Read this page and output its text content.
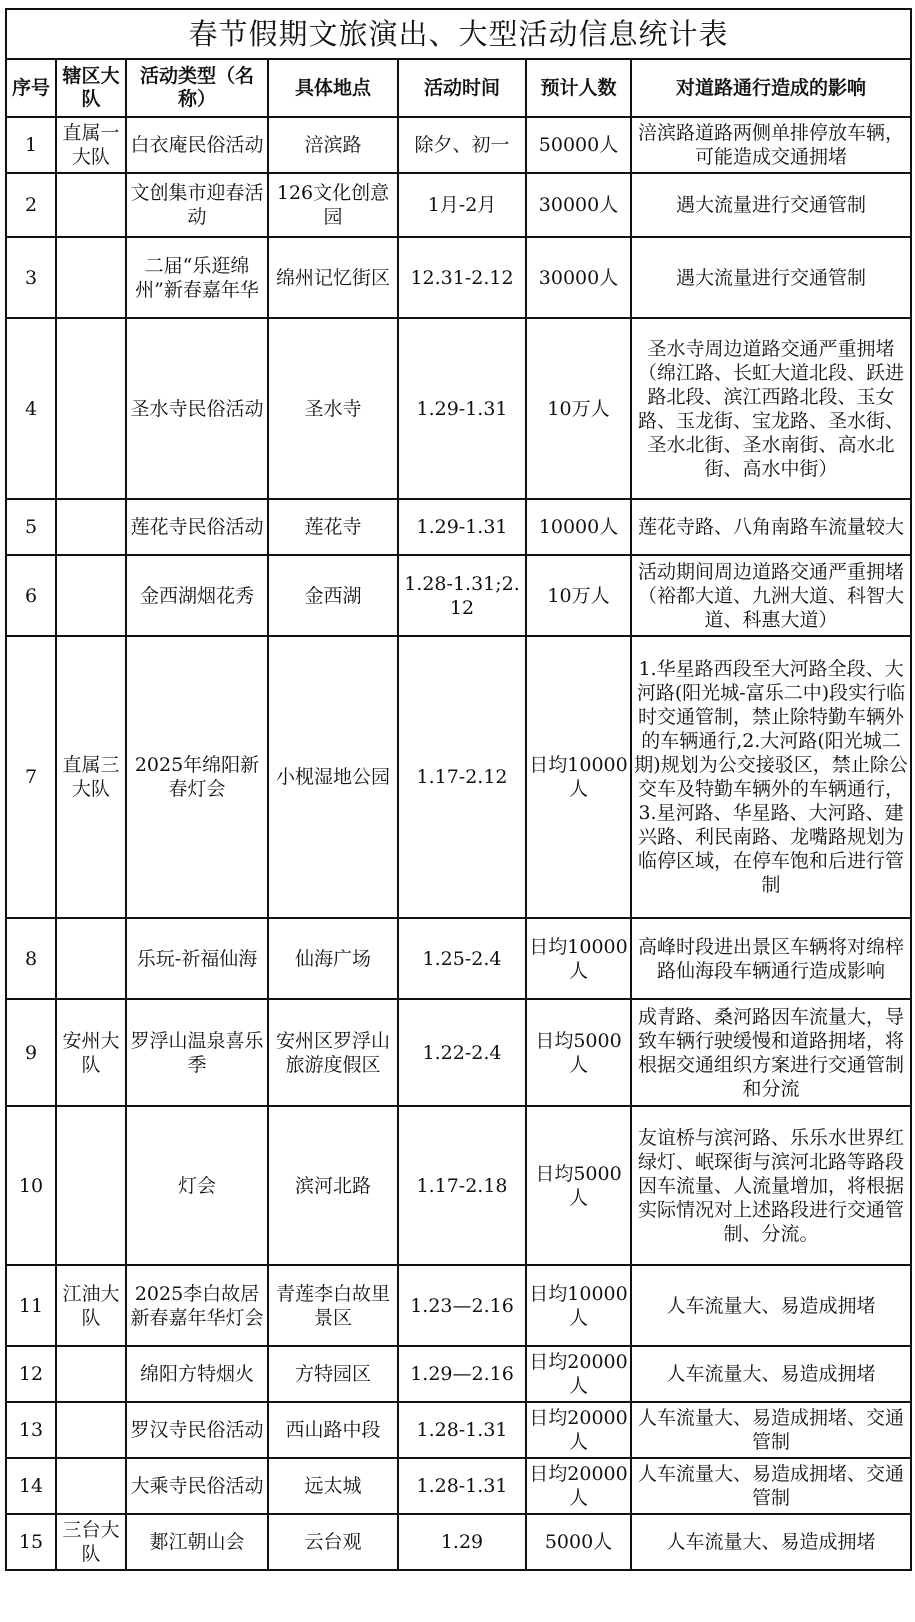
春节假期文旅演出、大型活动信息统计表						
序号	辖区大队	活动类型（名称）	具体地点	活动时间	预计人数	对道路通行造成的影响
1	直属一大队	白衣庵民俗活动	涪滨路	除夕、初一	50000人	涪滨路道路两侧单排停放车辆，可能造成交通拥堵
2		文创集市迎春活动	126文化创意园	1月-2月	30000人	遇大流量进行交通管制
3		二届“乐逛绵州”新春嘉年华	绵州记忆街区	12.31-2.12	30000人	遇大流量进行交通管制
4		圣水寺民俗活动	圣水寺	1.29-1.31	10万人	圣水寺周边道路交通严重拥堵（绵江路、长虹大道北段、跃进路北段、滨江西路北段、玉女路、玉龙街、宝龙路、圣水街、圣水北街、圣水南街、高水北街、高水中街）
5		莲花寺民俗活动	莲花寺	1.29-1.31	10000人	莲花寺路、八角南路车流量较大
6		金西湖烟花秀	金西湖	1.28-1.31;2.12	10万人	活动期间周边道路交通严重拥堵（裕都大道、九洲大道、科智大道、科惠大道）
7	直属三大队	2025年绵阳新春灯会	小枧湿地公园	1.17-2.12	日均10000人	1.华星路西段至大河路全段、大河路(阳光城-富乐二中)段实行临时交通管制，禁止除特勤车辆外的车辆通行,2.大河路(阳光城二期)规划为公交接驳区，禁止除公交车及特勤车辆外的车辆通行，3.星河路、华星路、大河路、建兴路、利民南路、龙嘴路规划为临停区域，在停车饱和后进行管制
8		乐玩-祈福仙海	仙海广场	1.25-2.4	日均10000人	高峰时段进出景区车辆将对绵梓路仙海段车辆通行造成影响
9	安州大队	罗浮山温泉喜乐季	安州区罗浮山旅游度假区	1.22-2.4	日均5000人	成青路、桑河路因车流量大，导致车辆行驶缓慢和道路拥堵，将根据交通组织方案进行交通管制和分流
10		灯会	滨河北路	1.17-2.18	日均5000人	友谊桥与滨河路、乐乐水世界红绿灯、岷琛街与滨河北路等路段因车流量、人流量增加，将根据实际情况对上述路段进行交通管制、分流。
11	江油大队	2025李白故居新春嘉年华灯会	青莲李白故里景区	1.23—2.16	日均10000人	人车流量大、易造成拥堵
12		绵阳方特烟火	方特园区	1.29—2.16	日均20000人	人车流量大、易造成拥堵
13		罗汉寺民俗活动	西山路中段	1.28-1.31	日均20000人	人车流量大、易造成拥堵、交通管制
14		大乘寺民俗活动	远太城	1.28-1.31	日均20000人	人车流量大、易造成拥堵、交通管制
15	三台大队	郪江朝山会	云台观	1.29	5000人	人车流量大、易造成拥堵
